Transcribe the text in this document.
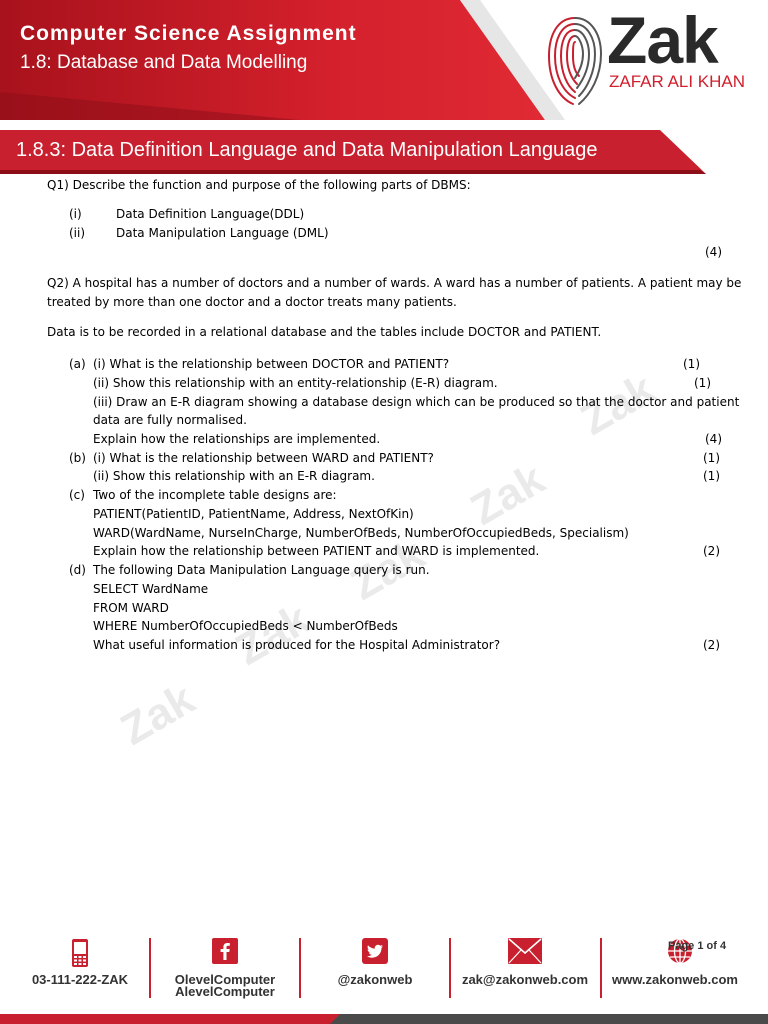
Computer Science Assignment
1.8: Database and Data Modelling	Zak
ZAFAR ALI KHAN
1.8.3: Data Definition Language and Data Manipulation Language
Zak
Zak
Zak
Zak
Zak
Q1) Describe the function and purpose of the following parts of DBMS:
(i)	Data Definition Language(DDL)
(ii)	Data Manipulation Language (DML)
(4)
Q2) A hospital has a number of doctors and a number of wards. A ward has a number of patients. A patient may be
treated by more than one doctor and a doctor treats many patients.
Data is to be recorded in a relational database and the tables include DOCTOR and PATIENT.
(a) (i) What is the relationship between DOCTOR and PATIENT?	(1)
(ii) Show this relationship with an entity-relationship (E-R) diagram.	(1)
(iii) Draw an E-R diagram showing a database design which can be produced so that the doctor and patient
data are fully normalised.
Explain how the relationships are implemented.	(4)
(b) (i) What is the relationship between WARD and PATIENT?	(1)
(ii) Show this relationship with an E-R diagram.	(1)
(c) Two of the incomplete table designs are:
PATIENT(PatientID, PatientName, Address, NextOfKin)
WARD(WardName, NurseInCharge, NumberOfBeds, NumberOfOccupiedBeds, Specialism)
Explain how the relationship between PATIENT and WARD is implemented.	(2)
(d) The following Data Manipulation Language query is run.
SELECT WardName
FROM WARD
WHERE NumberOfOccupiedBeds < NumberOfBeds
What useful information is produced for the Hospital Administrator?	(2)
03-111-222-ZAK	OlevelComputer
AlevelComputer
@zakonweb	zak@zakonweb.com	www.zakonweb.com
Page 1 of 4
